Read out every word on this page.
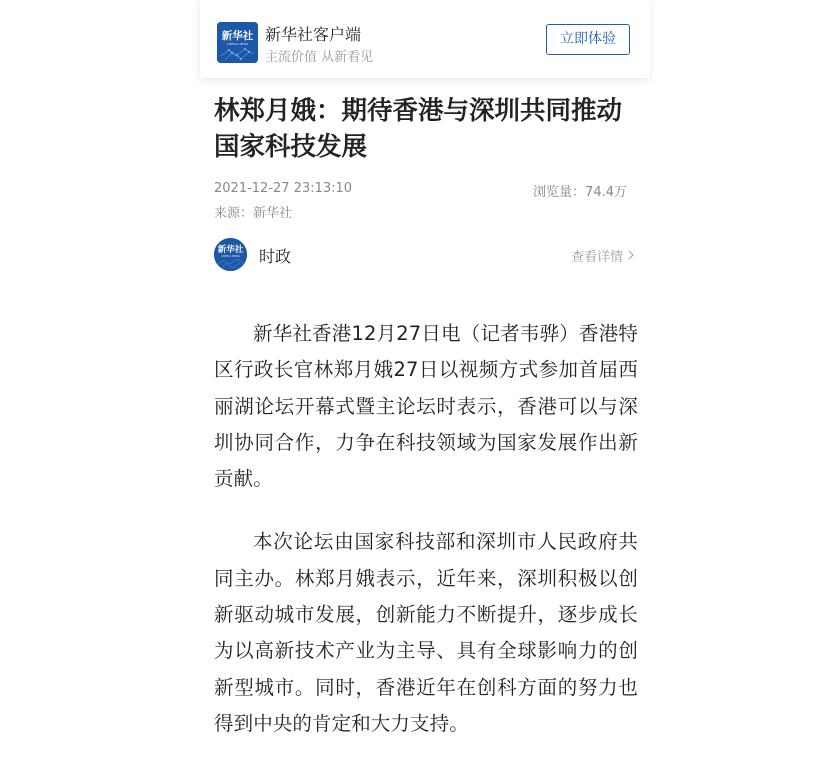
新华社
XINHUA NEWS 新华社客户端
主流价值 从新看见
立即体验
林郑月娥：期待香港与深圳共同推动国家科技发展
2021-12-27 23:13:10	浏览量：74.4万
来源：新华社
新华社
XINHUA NEWS 时政	查看详情

新华社香港12月27日电（记者韦骅）香港特区行政长官林郑月娥27日以视频方式参加首届西丽湖论坛开幕式暨主论坛时表示，香港可以与深圳协同合作，力争在科技领域为国家发展作出新贡献。

本次论坛由国家科技部和深圳市人民政府共同主办。林郑月娥表示，近年来，深圳积极以创新驱动城市发展，创新能力不断提升，逐步成长为以高新技术产业为主导、具有全球影响力的创新型城市。同时，香港近年在创科方面的努力也得到中央的肯定和大力支持。
